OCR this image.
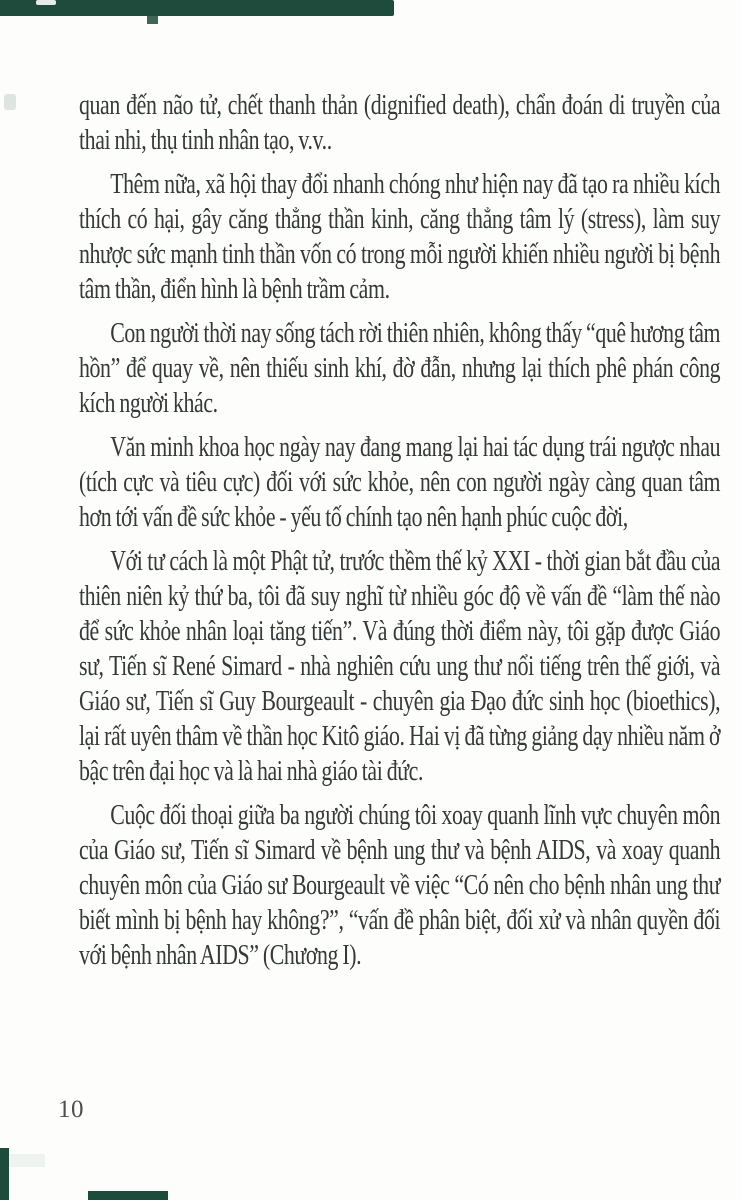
quan đến não tử, chết thanh thản (dignified death), chẩn đoán di truyền của thai nhi, thụ tinh nhân tạo, v.v..

Thêm nữa, xã hội thay đổi nhanh chóng như hiện nay đã tạo ra nhiều kích thích có hại, gây căng thẳng thần kinh, căng thẳng tâm lý (stress), làm suy nhược sức mạnh tinh thần vốn có trong mỗi người khiến nhiều người bị bệnh tâm thần, điển hình là bệnh trầm cảm.

Con người thời nay sống tách rời thiên nhiên, không thấy “quê hương tâm hồn” để quay về, nên thiếu sinh khí, đờ đẫn, nhưng lại thích phê phán công kích người khác.

Văn minh khoa học ngày nay đang mang lại hai tác dụng trái ngược nhau (tích cực và tiêu cực) đối với sức khỏe, nên con người ngày càng quan tâm hơn tới vấn đề sức khỏe - yếu tố chính tạo nên hạnh phúc cuộc đời,

Với tư cách là một Phật tử, trước thềm thế kỷ XXI - thời gian bắt đầu của thiên niên kỷ thứ ba, tôi đã suy nghĩ từ nhiều góc độ về vấn đề “làm thế nào để sức khỏe nhân loại tăng tiến”. Và đúng thời điểm này, tôi gặp được Giáo sư, Tiến sĩ René Simard - nhà nghiên cứu ung thư nổi tiếng trên thế giới, và Giáo sư, Tiến sĩ Guy Bourgeault - chuyên gia Đạo đức sinh học (bioethics), lại rất uyên thâm về thần học Kitô giáo. Hai vị đã từng giảng dạy nhiều năm ở bậc trên đại học và là hai nhà giáo tài đức.

Cuộc đối thoại giữa ba người chúng tôi xoay quanh lĩnh vực chuyên môn của Giáo sư, Tiến sĩ Simard về bệnh ung thư và bệnh AIDS, và xoay quanh chuyên môn của Giáo sư Bourgeault về việc “Có nên cho bệnh nhân ung thư biết mình bị bệnh hay không?”, “vấn đề phân biệt, đối xử và nhân quyền đối với bệnh nhân AIDS” (Chương I).

10
